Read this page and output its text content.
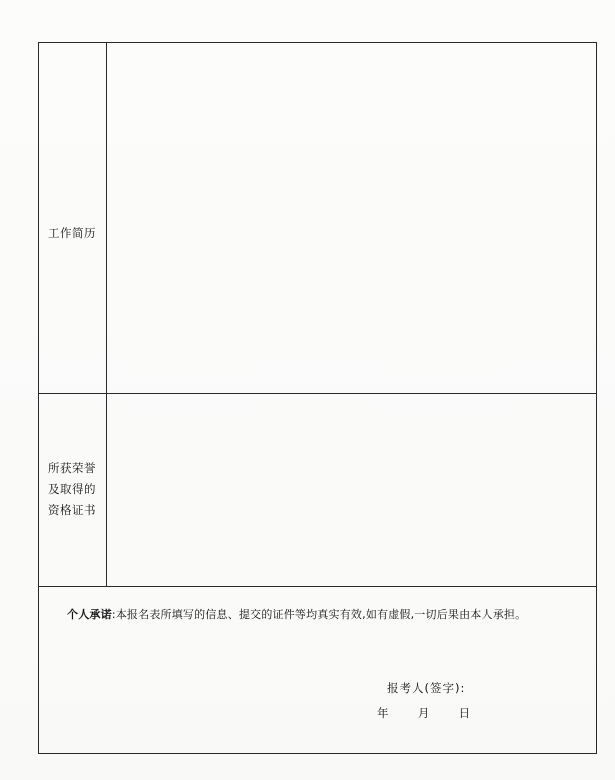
工作简历
所获荣誉
及取得的
资格证书
个人承诺:本报名表所填写的信息、提交的证件等均真实有效,如有虚假,一切后果由本人承担。
报考人(签字):
年	月	日
